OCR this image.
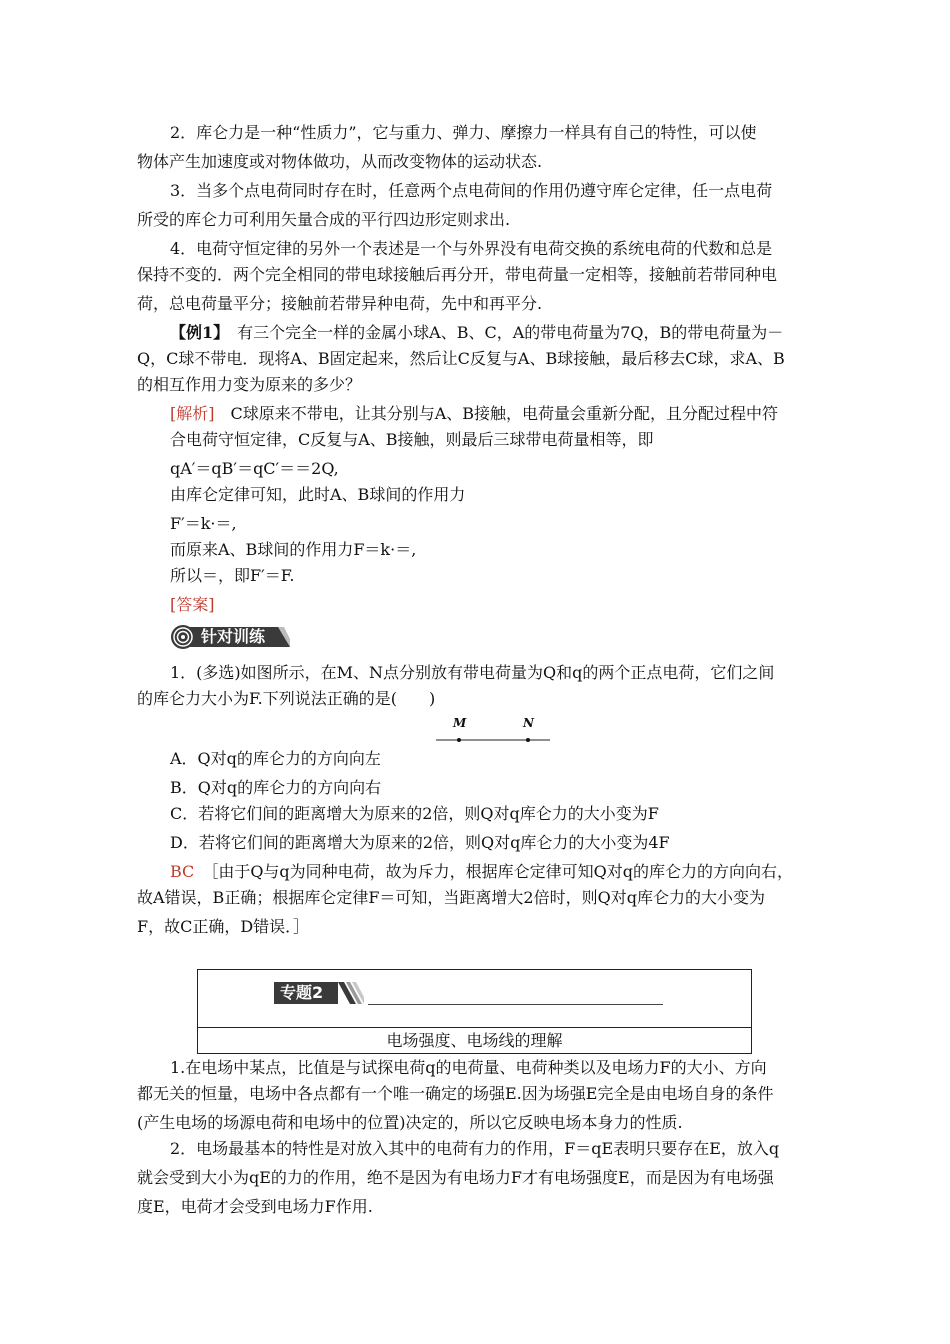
2．库仑力是一种“性质力”，它与重力、弹力、摩擦力一样具有自己的特性，可以使
物体产生加速度或对物体做功，从而改变物体的运动状态.
3．当多个点电荷同时存在时，任意两个点电荷间的作用仍遵守库仑定律，任一点电荷
所受的库仑力可利用矢量合成的平行四边形定则求出.
4．电荷守恒定律的另外一个表述是一个与外界没有电荷交换的系统电荷的代数和总是
保持不变的．两个完全相同的带电球接触后再分开，带电荷量一定相等，接触前若带同种电
荷，总电荷量平分；接触前若带异种电荷，先中和再平分.
【例1】　有三个完全一样的金属小球A、B、C，A的带电荷量为7Q，B的带电荷量为－
Q，C球不带电．现将A、B固定起来，然后让C反复与A、B球接触，最后移去C球，求A、B
的相互作用力变为原来的多少？
[解析]　C球原来不带电，让其分别与A、B接触，电荷量会重新分配，且分配过程中符
合电荷守恒定律，C反复与A、B接触，则最后三球带电荷量相等，即
qA′＝qB′＝qC′＝＝2Q,
由库仑定律可知，此时A、B球间的作用力
F′＝k·＝,
而原来A、B球间的作用力F＝k·＝,
所以＝，即F′＝F.
[答案]
针对训练
1．(多选)如图所示，在M、N点分别放有带电荷量为Q和q的两个正点电荷，它们之间
的库仑力大小为F.下列说法正确的是(　　)
M	N
A．Q对q的库仑力的方向向左
B．Q对q的库仑力的方向向右
C．若将它们间的距离增大为原来的2倍，则Q对q库仑力的大小变为F
D．若将它们间的距离增大为原来的2倍，则Q对q库仑力的大小变为4F
BC　 ［由于Q与q为同种电荷，故为斥力，根据库仑定律可知Q对q的库仑力的方向向右，
故A错误，B正确；根据库仑定律F＝可知，当距离增大2倍时，则Q对q库仑力的大小变为
F，故C正确，D错误．］
专题2
电场强度、电场线的理解
1.在电场中某点，比值是与试探电荷q的电荷量、电荷种类以及电场力F的大小、方向
都无关的恒量，电场中各点都有一个唯一确定的场强E.因为场强E完全是由电场自身的条件
(产生电场的场源电荷和电场中的位置)决定的，所以它反映电场本身力的性质.
2．电场最基本的特性是对放入其中的电荷有力的作用，F＝qE表明只要存在E，放入q
就会受到大小为qE的力的作用，绝不是因为有电场力F才有电场强度E，而是因为有电场强
度E，电荷才会受到电场力F作用.
